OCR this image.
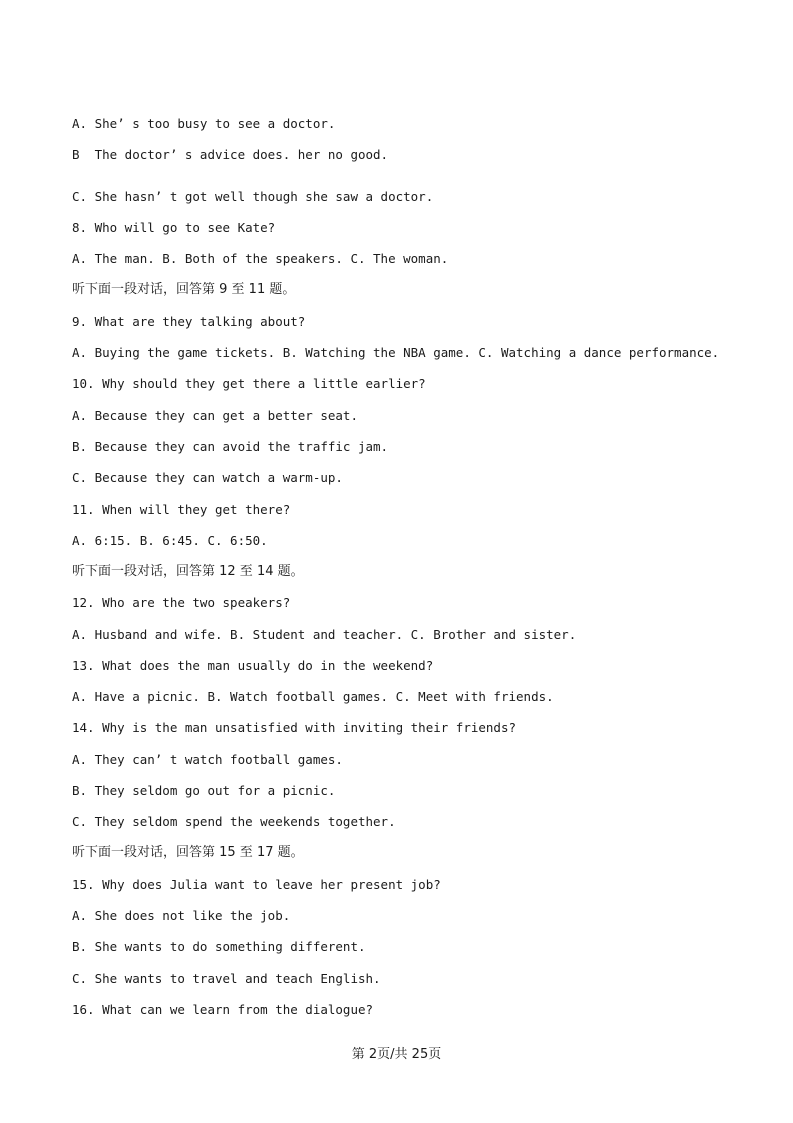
A. She’ s too busy to see a doctor.
B  The doctor’ s advice does. her no good.
C. She hasn’ t got well though she saw a doctor.
8. Who will go to see Kate?
A. The man. B. Both of the speakers. C. The woman.
听下面一段对话，回答第 9 至 11 题。
9. What are they talking about?
A. Buying the game tickets. B. Watching the NBA game. C. Watching a dance performance.
10. Why should they get there a little earlier?
A. Because they can get a better seat.
B. Because they can avoid the traffic jam.
C. Because they can watch a warm-up.
11. When will they get there?
A. 6:15. B. 6:45. C. 6:50.
听下面一段对话，回答第 12 至 14 题。
12. Who are the two speakers?
A. Husband and wife. B. Student and teacher. C. Brother and sister.
13. What does the man usually do in the weekend?
A. Have a picnic. B. Watch football games. C. Meet with friends.
14. Why is the man unsatisfied with inviting their friends?
A. They can’ t watch football games.
B. They seldom go out for a picnic.
C. They seldom spend the weekends together.
听下面一段对话，回答第 15 至 17 题。
15. Why does Julia want to leave her present job?
A. She does not like the job.
B. She wants to do something different.
C. She wants to travel and teach English.
16. What can we learn from the dialogue?
第 2页/共 25页
